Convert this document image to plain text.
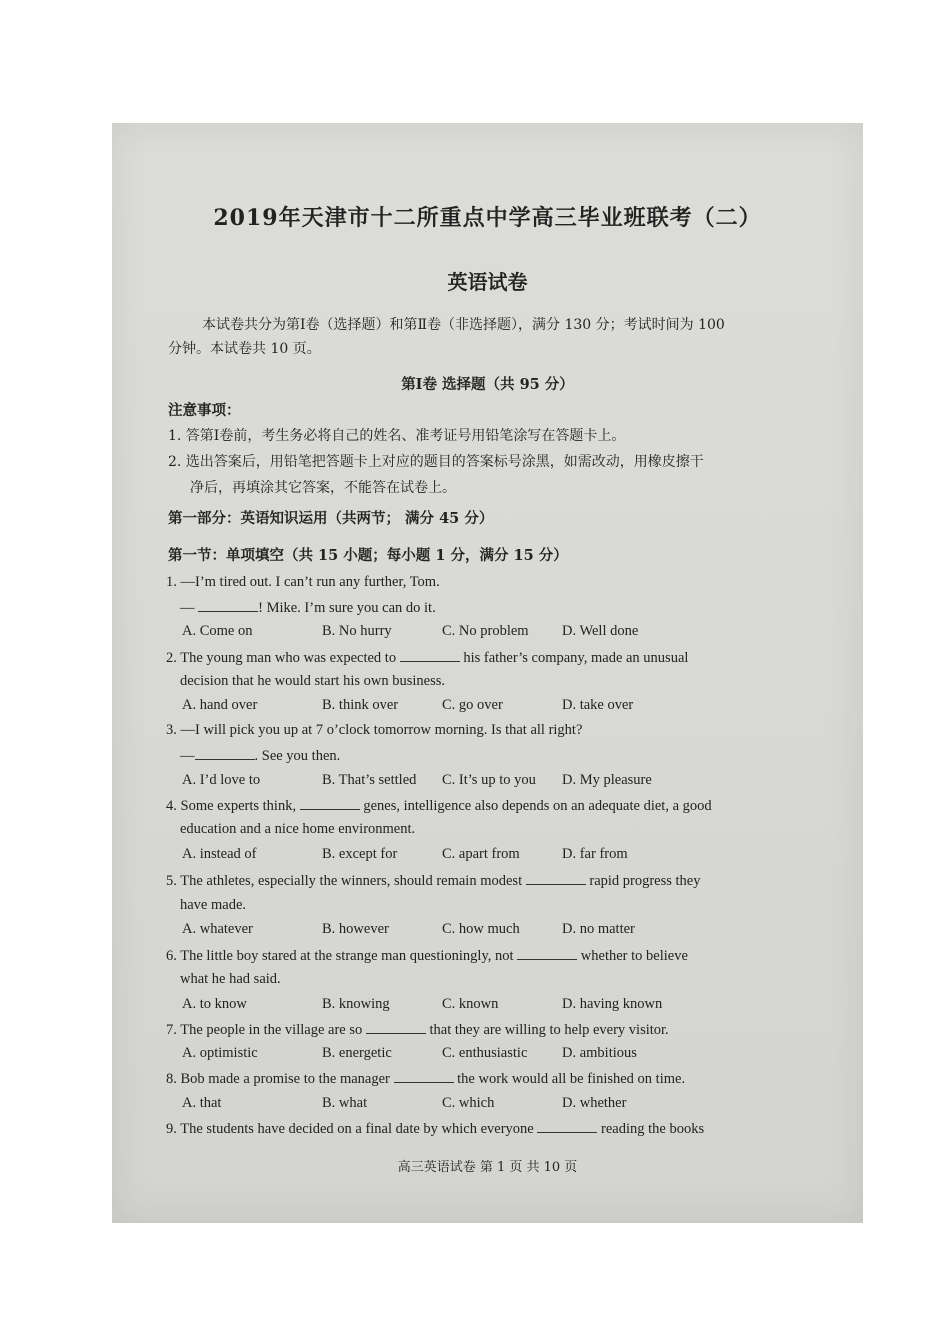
2019年天津市十二所重点中学高三毕业班联考（二）
英语试卷

本试卷共分为第Ⅰ卷（选择题）和第Ⅱ卷（非选择题），满分 130 分；考试时间为 100

分钟。本试卷共 10 页。
第Ⅰ卷 选择题（共 95 分）
注意事项：
1. 答第Ⅰ卷前，考生务必将自己的姓名、准考证号用铅笔涂写在答题卡上。
2. 选出答案后，用铅笔把答题卡上对应的题目的答案标号涂黑，如需改动，用橡皮擦干
净后，再填涂其它答案，不能答在试卷上。
第一部分：英语知识运用（共两节； 满分 45 分）
第一节：单项填空（共 15 小题；每小题 1 分，满分 15 分）
1. —I’m tired out. I can’t run any further, Tom.
—	! Mike. I’m sure you can do it.
A. Come on	B. No hurry	C. No problem D. Well done
2. The young man who was expected to	his father’s company, made an unusual
decision that he would start his own business.
A. hand over	B. think over	C. go over	D. take over
3. —I will pick you up at 7 o’clock tomorrow morning. Is that all right?
—	. See you then.
A. I’d love to	B. That’s settled C. It’s up to you D. My pleasure
4. Some experts think,	genes, intelligence also depends on an adequate diet, a good
education and a nice home environment.
A. instead of	B. except for	C. apart from	D. far from
5. The athletes, especially the winners, should remain modest	rapid progress they
have made.
A. whatever	B. however	C. how much	D. no matter
6. The little boy stared at the strange man questioningly, not	whether to believe
what he had said.
A. to know	B. knowing	C. known	D. having known
7. The people in the village are so	that they are willing to help every visitor.
A. optimistic	B. energetic	C. enthusiastic D. ambitious
8. Bob made a promise to the manager	the work would all be finished on time.
A. that	B. what	C. which	D. whether
9. The students have decided on a final date by which everyone	reading the books
高三英语试卷 第 1 页 共 10 页
